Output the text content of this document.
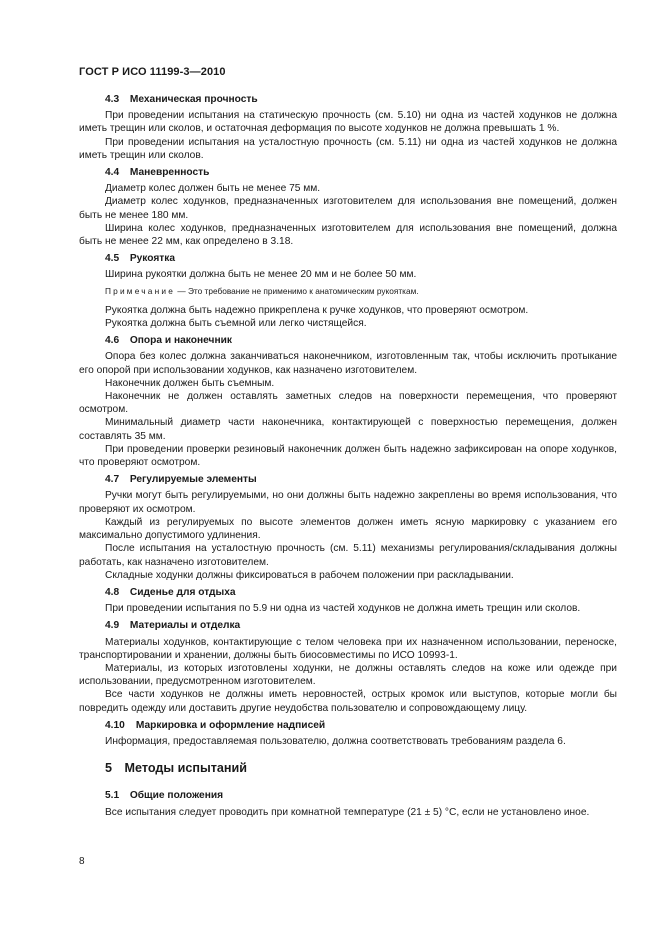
ГОСТ Р ИСО 11199-3—2010
4.3 Механическая прочность

При проведении испытания на статическую прочность (см. 5.10) ни одна из частей ходунков не должна иметь трещин или сколов, и остаточная деформация по высоте ходунков не должна превышать 1 %.

При проведении испытания на усталостную прочность (см. 5.11) ни одна из частей ходунков не должна иметь трещин или сколов.

4.4 Маневренность

Диаметр колес должен быть не менее 75 мм.

Диаметр колес ходунков, предназначенных изготовителем для использования вне помещений, должен быть не менее 180 мм.

Ширина колес ходунков, предназначенных изготовителем для использования вне помещений, должна быть не менее 22 мм, как определено в 3.18.

4.5 Рукоятка

Ширина рукоятки должна быть не менее 20 мм и не более 50 мм.

Примечание — Это требование не применимо к анатомическим рукояткам.

Рукоятка должна быть надежно прикреплена к ручке ходунков, что проверяют осмотром.

Рукоятка должна быть съемной или легко чистящейся.

4.6 Опора и наконечник

Опора без колес должна заканчиваться наконечником, изготовленным так, чтобы исключить протыкание его опорой при использовании ходунков, как назначено изготовителем.

Наконечник должен быть съемным.

Наконечник не должен оставлять заметных следов на поверхности перемещения, что проверяют осмотром.

Минимальный диаметр части наконечника, контактирующей с поверхностью перемещения, должен составлять 35 мм.

При проведении проверки резиновый наконечник должен быть надежно зафиксирован на опоре ходунков, что проверяют осмотром.

4.7 Регулируемые элементы

Ручки могут быть регулируемыми, но они должны быть надежно закреплены во время использования, что проверяют их осмотром.

Каждый из регулируемых по высоте элементов должен иметь ясную маркировку с указанием его максимально допустимого удлинения.

После испытания на усталостную прочность (см. 5.11) механизмы регулирования/складывания должны работать, как назначено изготовителем.

Складные ходунки должны фиксироваться в рабочем положении при раскладывании.

4.8 Сиденье для отдыха

При проведении испытания по 5.9 ни одна из частей ходунков не должна иметь трещин или сколов.

4.9 Материалы и отделка

Материалы ходунков, контактирующие с телом человека при их назначенном использовании, переноске, транспортировании и хранении, должны быть биосовместимы по ИСО 10993-1.

Материалы, из которых изготовлены ходунки, не должны оставлять следов на коже или одежде при использовании, предусмотренном изготовителем.

Все части ходунков не должны иметь неровностей, острых кромок или выступов, которые могли бы повредить одежду или доставить другие неудобства пользователю и сопровождающему лицу.

4.10 Маркировка и оформление надписей

Информация, предоставляемая пользователю, должна соответствовать требованиям раздела 6.

5 Методы испытаний
5.1 Общие положения

Все испытания следует проводить при комнатной температуре (21 ± 5) °C, если не установлено иное.

8
